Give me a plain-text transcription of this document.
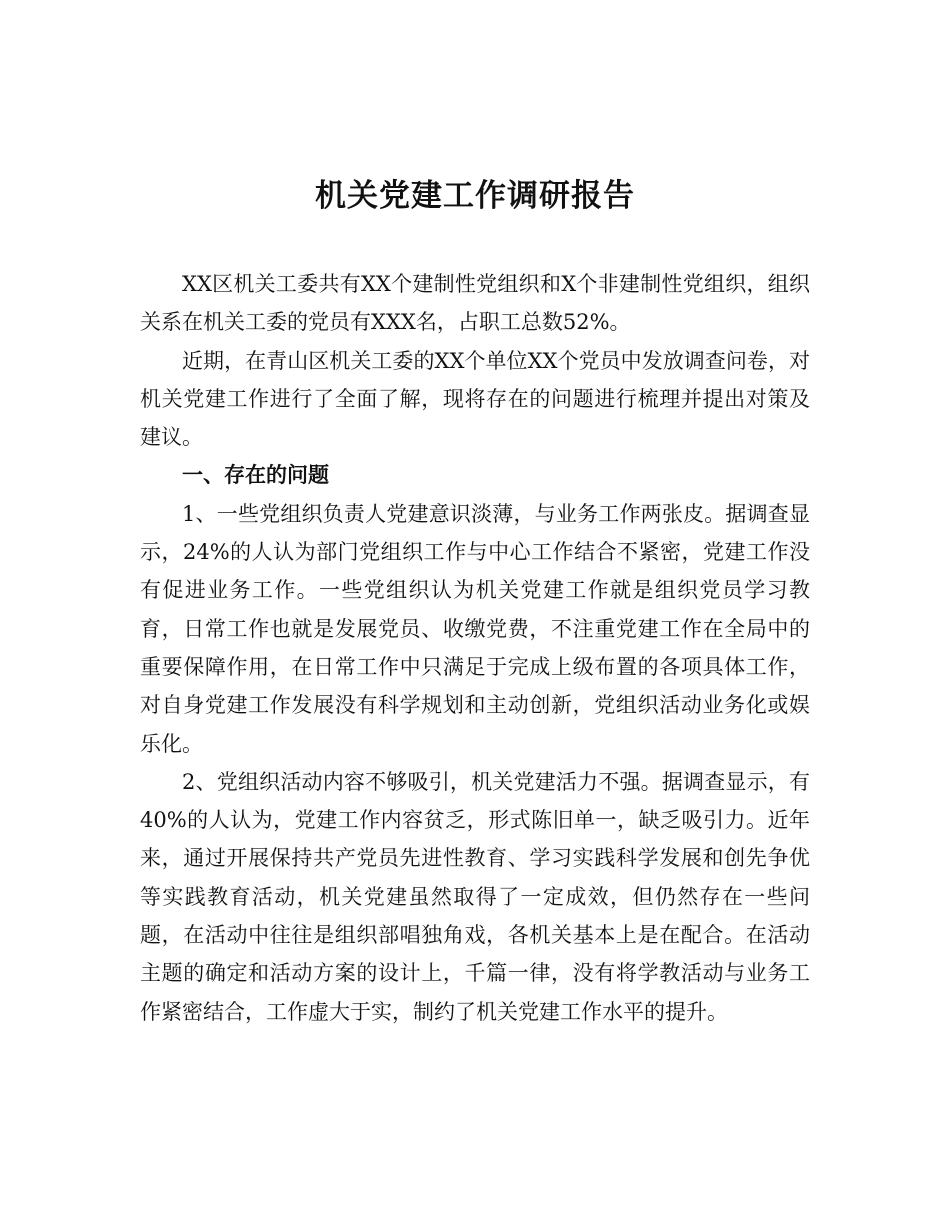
机关党建工作调研报告

XX区机关工委共有XX个建制性党组织和X个非建制性党组织，组织关系在机关工委的党员有XXX名，占职工总数52%。

近期，在青山区机关工委的XX个单位XX个党员中发放调查问卷，对机关党建工作进行了全面了解，现将存在的问题进行梳理并提出对策及建议。

一、存在的问题

1、一些党组织负责人党建意识淡薄，与业务工作两张皮。据调查显示，24%的人认为部门党组织工作与中心工作结合不紧密，党建工作没有促进业务工作。一些党组织认为机关党建工作就是组织党员学习教育，日常工作也就是发展党员、收缴党费，不注重党建工作在全局中的重要保障作用，在日常工作中只满足于完成上级布置的各项具体工作，对自身党建工作发展没有科学规划和主动创新，党组织活动业务化或娱乐化。

2、党组织活动内容不够吸引，机关党建活力不强。据调查显示，有40%的人认为，党建工作内容贫乏，形式陈旧单一，缺乏吸引力。近年来，通过开展保持共产党员先进性教育、学习实践科学发展和创先争优等实践教育活动，机关党建虽然取得了一定成效，但仍然存在一些问题，在活动中往往是组织部唱独角戏，各机关基本上是在配合。在活动主题的确定和活动方案的设计上，千篇一律，没有将学教活动与业务工作紧密结合，工作虚大于实，制约了机关党建工作水平的提升。
